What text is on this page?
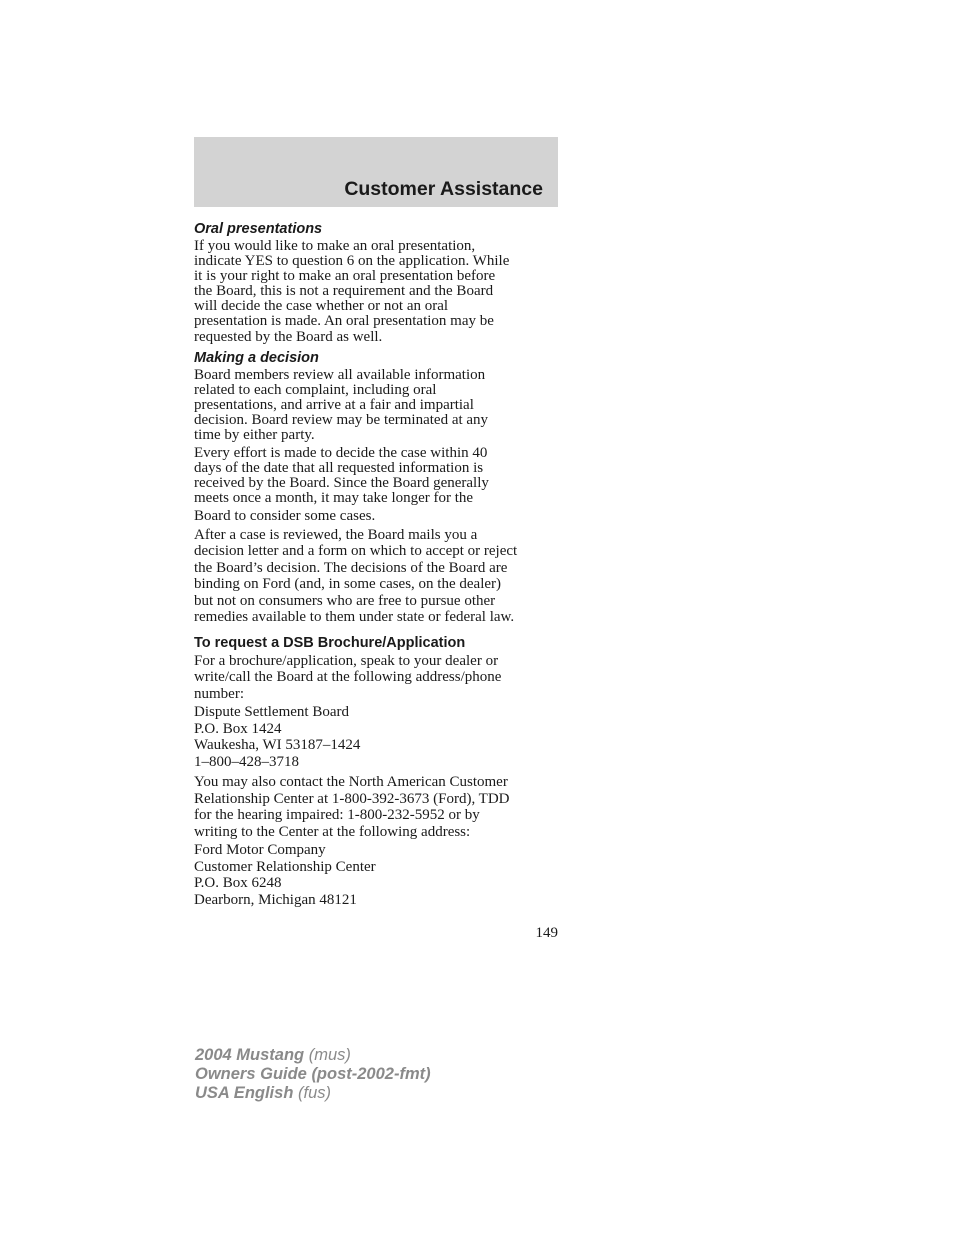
Customer Assistance
Oral presentations

If you would like to make an oral presentation,
indicate YES to question 6 on the application. While
it is your right to make an oral presentation before
the Board, this is not a requirement and the Board
will decide the case whether or not an oral
presentation is made. An oral presentation may be
requested by the Board as well.

Making a decision

Board members review all available information
related to each complaint, including oral
presentations, and arrive at a fair and impartial
decision. Board review may be terminated at any
time by either party.

Every effort is made to decide the case within 40
days of the date that all requested information is
received by the Board. Since the Board generally
meets once a month, it may take longer for the
Board to consider some cases.

After a case is reviewed, the Board mails you a
decision letter and a form on which to accept or reject
the Board’s decision. The decisions of the Board are
binding on Ford (and, in some cases, on the dealer)
but not on consumers who are free to pursue other
remedies available to them under state or federal law.

To request a DSB Brochure/Application

For a brochure/application, speak to your dealer or
write/call the Board at the following address/phone
number:

Dispute Settlement Board
P.O. Box 1424
Waukesha, WI 53187–1424
1–800–428–3718

You may also contact the North American Customer
Relationship Center at 1-800-392-3673 (Ford), TDD
for the hearing impaired: 1-800-232-5952 or by
writing to the Center at the following address:

Ford Motor Company
Customer Relationship Center
P.O. Box 6248
Dearborn, Michigan 48121

149
2004 Mustang (mus)
Owners Guide (post-2002-fmt)
USA English (fus)
